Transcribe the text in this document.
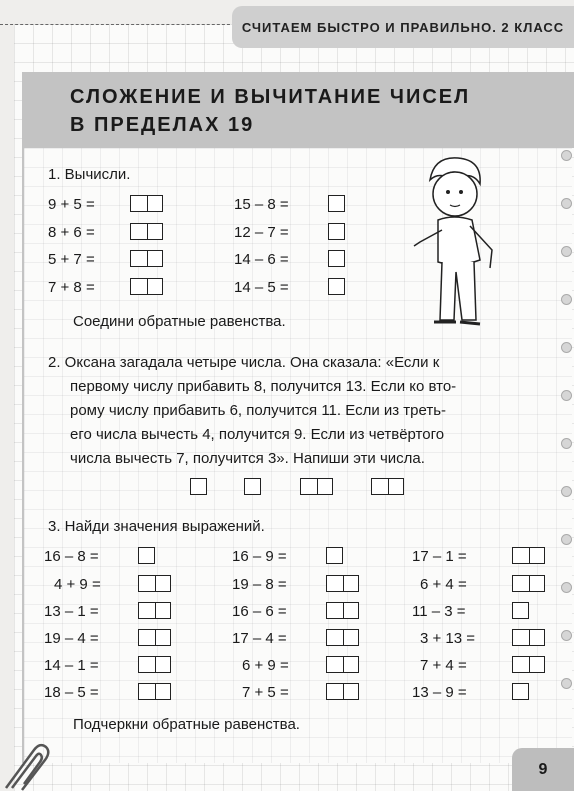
СЧИТАЕМ БЫСТРО И ПРАВИЛЬНО. 2 КЛАСС
СЛОЖЕНИЕ И ВЫЧИТАНИЕ ЧИСЕЛ
В ПРЕДЕЛАХ 19
1. Вычисли.
9 + 5 =
8 + 6 =
5 + 7 =
7 + 8 =
15 – 8 =
12 – 7 =
14 – 6 =
14 – 5 =
Соедини обратные равенства.
2. Оксана загадала четыре числа. Она сказала: «Если к
первому числу прибавить 8, получится 13. Если ко вто-
рому числу прибавить 6, получится 11. Если из треть-
его числа вычесть 4, получится 9. Если из четвёртого
числа вычесть 7, получится 3». Напиши эти числа.
3. Найди значения выражений.
16 – 8 =
4 + 9 =
13 – 1 =
19 – 4 =
14 – 1 =
18 – 5 =
16 – 9 =
19 – 8 =
16 – 6 =
17 – 4 =
6 + 9 =
7 + 5 =
17 – 1 =
6 + 4 =
11 – 3 =
3 + 13 =
7 + 4 =
13 – 9 =
Подчеркни обратные равенства.
9
